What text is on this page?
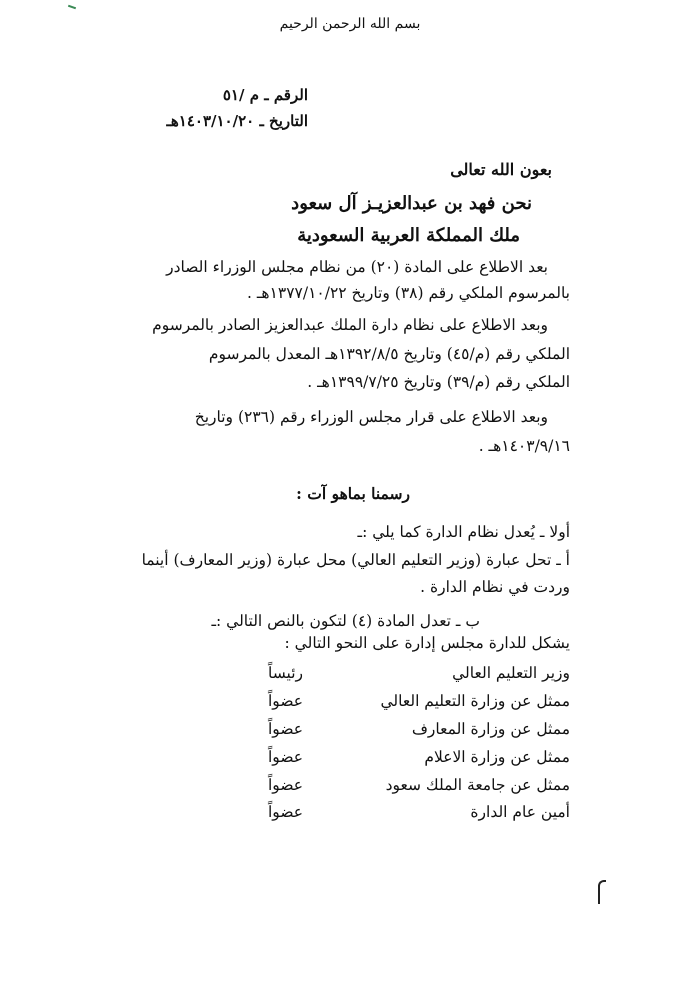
بسم الله الرحمن الرحيم
الرقم ـ م /٥١
التاريخ ـ ١٤٠٣/١٠/٢٠هـ
بعون الله تعالى
نحن فهد بن عبدالعزيـز آل سعود
ملك المملكة العربية السعودية
بعد الاطلاع على المادة (٢٠) من نظام مجلس الوزراء الصادر
بالمرسوم الملكي رقم (٣٨) وتاريخ ١٣٧٧/١٠/٢٢هـ .
وبعد الاطلاع على نظام دارة الملك عبدالعزيز الصادر بالمرسوم
الملكي رقم (م/٤٥) وتاريخ ١٣٩٢/٨/٥هـ المعدل بالمرسوم
الملكي رقم (م/٣٩) وتاريخ ١٣٩٩/٧/٢٥هـ .
وبعد الاطلاع على قرار مجلس الوزراء رقم (٢٣٦) وتاريخ
١٤٠٣/٩/١٦هـ .
رسمنا بماهو آت :
أولا ـ يُعدل نظام الدارة كما يلي :ـ
أ ـ تحل عبارة (وزير التعليم العالي) محل عبارة (وزير المعارف) أينما
وردت في نظام الدارة .
ب ـ تعدل المادة (٤) لتكون بالنص التالي :ـ
يشكل للدارة مجلس إدارة على النحو التالي :
وزير التعليم العالي
رئيساً
ممثل عن وزارة التعليم العالي
عضواً
ممثل عن وزارة المعارف
عضواً
ممثل عن وزارة الاعلام
عضواً
ممثل عن جامعة الملك سعود
عضواً
أمين عام الدارة
عضواً
